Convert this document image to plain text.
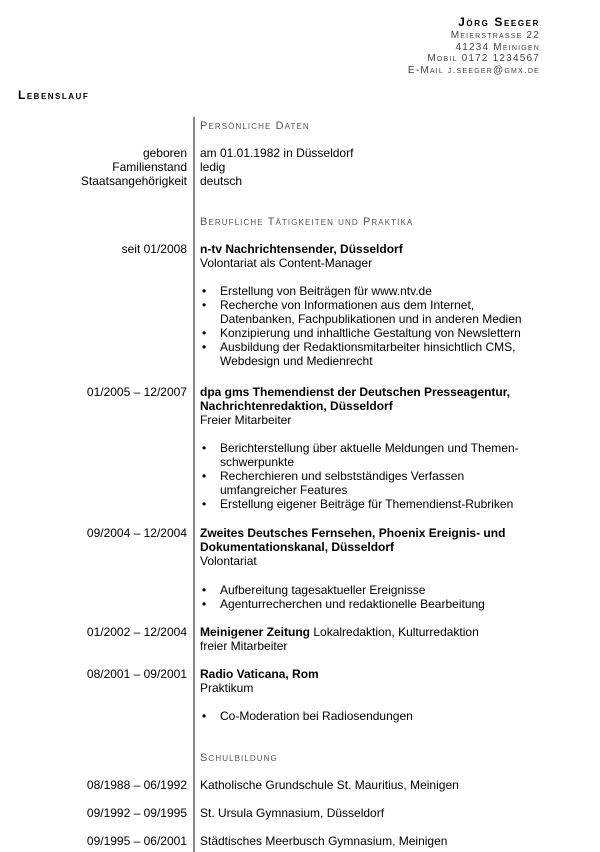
Jörg Seeger
Meierstrasse 22
41234 Meinigen
Mobil 0172 1234567
E-Mail j.seeger@gmx.de
Lebenslauf
Persönliche Daten
geboren am 01.01.1982 in Düsseldorf
Familienstand ledig
Staatsangehörigkeit deutsch
Berufliche Tätigkeiten und Praktika
seit 01/2008 n-tv Nachrichtensender, Düsseldorf
Volontariat als Content-Manager
• Erstellung von Beiträgen für www.ntv.de
• Recherche von Informationen aus dem Internet, Datenbanken, Fachpublikationen und in anderen Medien
• Konzipierung und inhaltliche Gestaltung von Newslettern
• Ausbildung der Redaktionsmitarbeiter hinsichtlich CMS, Webdesign und Medienrecht
01/2005 – 12/2007 dpa gms Themendienst der Deutschen Presseagentur, Nachrichtenredaktion, Düsseldorf
Freier Mitarbeiter
• Berichterstellung über aktuelle Meldungen und Themen-schwerpunkte
• Recherchieren und selbstständiges Verfassen umfangreicher Features
• Erstellung eigener Beiträge für Themendienst-Rubriken
09/2004 – 12/2004 Zweites Deutsches Fernsehen, Phoenix Ereignis- und Dokumentationskanal, Düsseldorf
Volontariat
• Aufbereitung tagesaktueller Ereignisse
• Agenturrecherchen und redaktionelle Bearbeitung
01/2002 – 12/2004 Meinigener Zeitung Lokalredaktion, Kulturredaktion
freier Mitarbeiter
08/2001 – 09/2001 Radio Vaticana, Rom
Praktikum
• Co-Moderation bei Radiosendungen
Schulbildung
08/1988 – 06/1992 Katholische Grundschule St. Mauritius, Meinigen
09/1992 – 09/1995 St. Ursula Gymnasium, Düsseldorf
09/1995 – 06/2001 Städtisches Meerbusch Gymnasium, Meinigen
